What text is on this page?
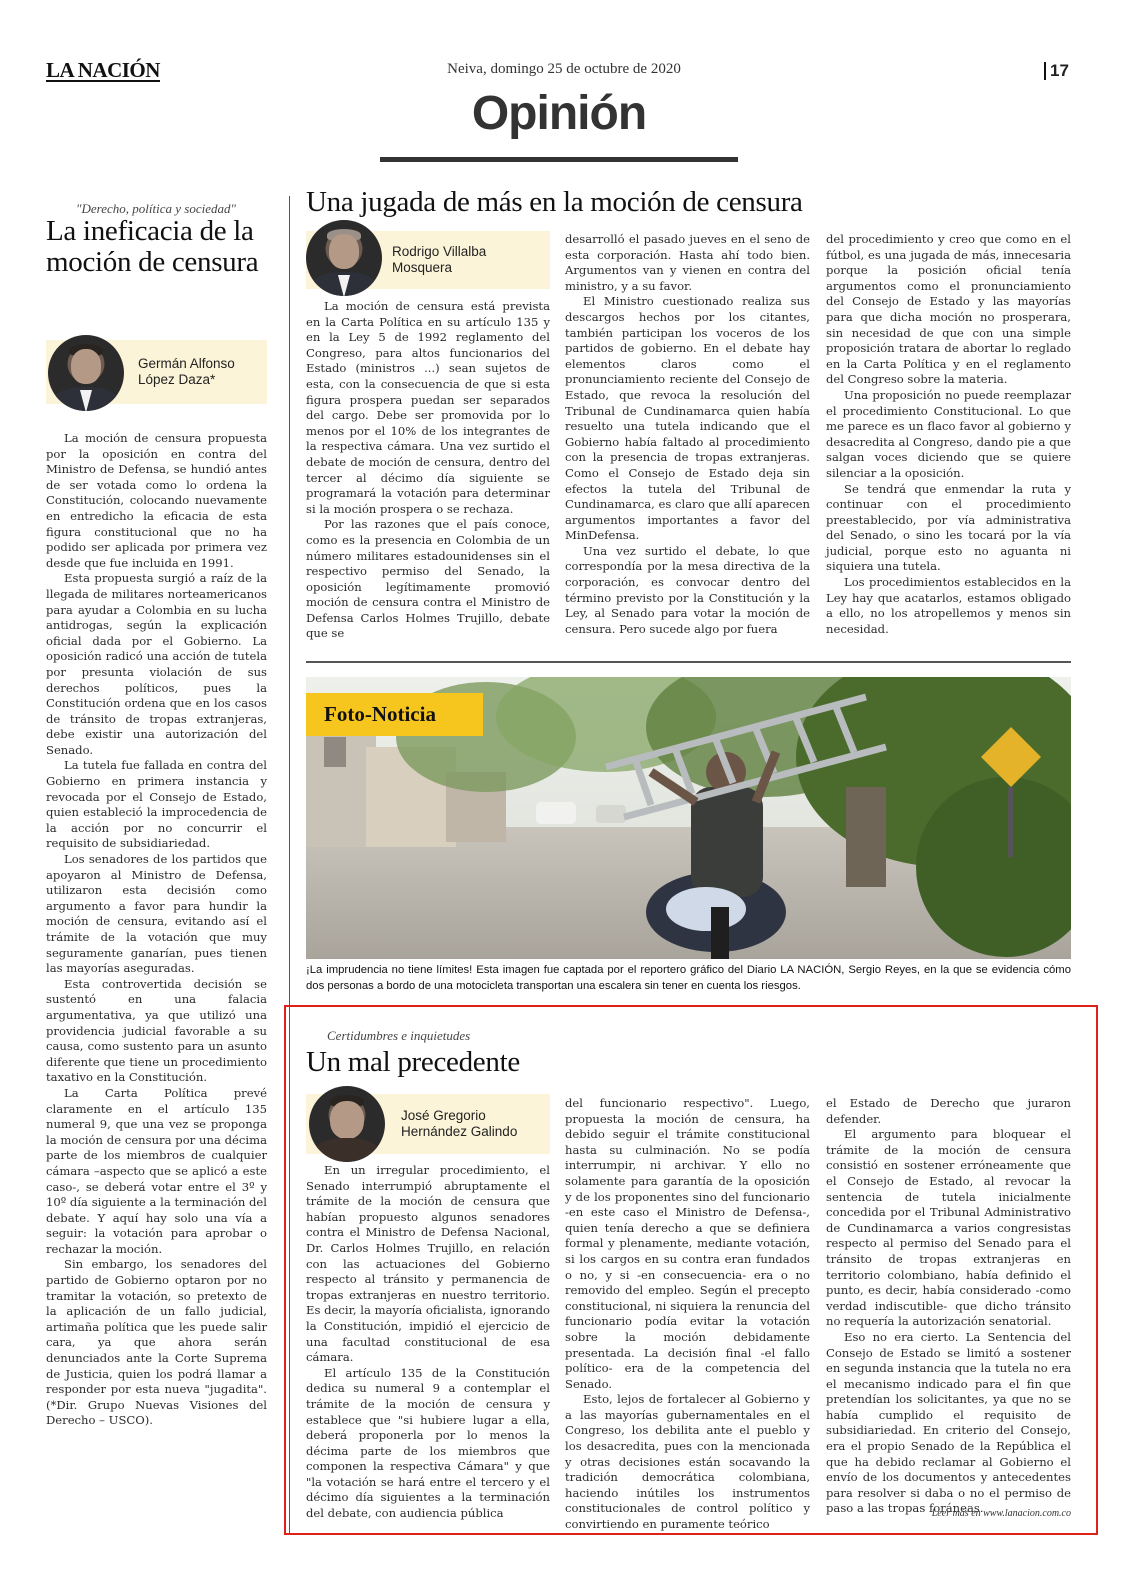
LA NACIÓN	Neiva, domingo 25 de octubre de 2020	17
Opinión
"Derecho, política y sociedad"
La ineficacia de la moción de censura
Germán Alfonso López Daza*

La moción de censura propuesta por la oposición en contra del Ministro de Defensa, se hundió antes de ser votada como lo ordena la Constitución, colocando nuevamente en entredicho la eficacia de esta figura constitucional que no ha podido ser aplicada por primera vez desde que fue incluida en 1991.

Esta propuesta surgió a raíz de la llegada de militares norteamericanos para ayudar a Colombia en su lucha antidrogas, según la explicación oficial dada por el Gobierno. La oposición radicó una acción de tutela por presunta violación de sus derechos políticos, pues la Constitución ordena que en los casos de tránsito de tropas extranjeras, debe existir una autorización del Senado.

La tutela fue fallada en contra del Gobierno en primera instancia y revocada por el Consejo de Estado, quien estableció la improcedencia de la acción por no concurrir el requisito de subsidiariedad.

Los senadores de los partidos que apoyaron al Ministro de Defensa, utilizaron esta decisión como argumento a favor para hundir la moción de censura, evitando así el trámite de la votación que muy seguramente ganarían, pues tienen las mayorías aseguradas.

Esta controvertida decisión se sustentó en una falacia argumentativa, ya que utilizó una providencia judicial favorable a su causa, como sustento para un asunto diferente que tiene un procedimiento taxativo en la Constitución.

La Carta Política prevé claramente en el artículo 135 numeral 9, que una vez se proponga la moción de censura por una décima parte de los miembros de cualquier cámara –aspecto que se aplicó a este caso-, se deberá votar entre el 3º y 10º día siguiente a la terminación del debate. Y aquí hay solo una vía a seguir: la votación para aprobar o rechazar la moción.

Sin embargo, los senadores del partido de Gobierno optaron por no tramitar la votación, so pretexto de la aplicación de un fallo judicial, artimaña política que les puede salir cara, ya que ahora serán denunciados ante la Corte Suprema de Justicia, quien los podrá llamar a responder por esta nueva "jugadita". (*Dir. Grupo Nuevas Visiones del Derecho – USCO).

Una jugada de más en la moción de censura
Rodrigo Villalba Mosquera

La moción de censura está prevista en la Carta Política en su artículo 135 y en la Ley 5 de 1992 reglamento del Congreso, para altos funcionarios del Estado (ministros ...) sean sujetos de esta, con la consecuencia de que si esta figura prospera puedan ser separados del cargo. Debe ser promovida por lo menos por el 10% de los integrantes de la respectiva cámara. Una vez surtido el debate de moción de censura, dentro del tercer al décimo día siguiente se programará la votación para determinar si la moción prospera o se rechaza.

Por las razones que el país conoce, como es la presencia en Colombia de un número militares estadounidenses sin el respectivo permiso del Senado, la oposición legítimamente promovió moción de censura contra el Ministro de Defensa Carlos Holmes Trujillo, debate que se

desarrolló el pasado jueves en el seno de esta corporación. Hasta ahí todo bien. Argumentos van y vienen en contra del ministro, y a su favor.

El Ministro cuestionado realiza sus descargos hechos por los citantes, también participan los voceros de los partidos de gobierno. En el debate hay elementos claros como el pronunciamiento reciente del Consejo de Estado, que revoca la resolución del Tribunal de Cundinamarca quien había resuelto una tutela indicando que el Gobierno había faltado al procedimiento con la presencia de tropas extranjeras. Como el Consejo de Estado deja sin efectos la tutela del Tribunal de Cundinamarca, es claro que allí aparecen argumentos importantes a favor del MinDefensa.

Una vez surtido el debate, lo que correspondía por la mesa directiva de la corporación, es convocar dentro del término previsto por la Constitución y la Ley, al Senado para votar la moción de censura. Pero sucede algo por fuera

del procedimiento y creo que como en el fútbol, es una jugada de más, innecesaria porque la posición oficial tenía argumentos como el pronunciamiento del Consejo de Estado y las mayorías para que dicha moción no prosperara, sin necesidad de que con una simple proposición tratara de abortar lo reglado en la Carta Política y en el reglamento del Congreso sobre la materia.

Una proposición no puede reemplazar el procedimiento Constitucional. Lo que me parece es un flaco favor al gobierno y desacredita al Congreso, dando pie a que salgan voces diciendo que se quiere silenciar a la oposición.

Se tendrá que enmendar la ruta y continuar con el procedimiento preestablecido, por vía administrativa del Senado, o sino les tocará por la vía judicial, porque esto no aguanta ni siquiera una tutela.

Los procedimientos establecidos en la Ley hay que acatarlos, estamos obligado a ello, no los atropellemos y menos sin necesidad.

Foto-Noticia
¡La imprudencia no tiene límites! Esta imagen fue captada por el reportero gráfico del Diario LA NACIÓN, Sergio Reyes, en la que se evidencia cómo dos personas a bordo de una motocicleta transportan una escalera sin tener en cuenta los riesgos.
Certidumbres e inquietudes
Un mal precedente
José Gregorio Hernández Galindo

En un irregular procedimiento, el Senado interrumpió abruptamente el trámite de la moción de censura que habían propuesto algunos senadores contra el Ministro de Defensa Nacional, Dr. Carlos Holmes Trujillo, en relación con las actuaciones del Gobierno respecto al tránsito y permanencia de tropas extranjeras en nuestro territorio. Es decir, la mayoría oficialista, ignorando la Constitución, impidió el ejercicio de una facultad constitucional de esa cámara.

El artículo 135 de la Constitución dedica su numeral 9 a contemplar el trámite de la moción de censura y establece que "si hubiere lugar a ella, deberá proponerla por lo menos la décima parte de los miembros que componen la respectiva Cámara" y que "la votación se hará entre el tercero y el décimo día siguientes a la terminación del debate, con audiencia pública

del funcionario respectivo". Luego, propuesta la moción de censura, ha debido seguir el trámite constitucional hasta su culminación. No se podía interrumpir, ni archivar. Y ello no solamente para garantía de la oposición y de los proponentes sino del funcionario -en este caso el Ministro de Defensa-, quien tenía derecho a que se definiera formal y plenamente, mediante votación, si los cargos en su contra eran fundados o no, y si -en consecuencia- era o no removido del empleo. Según el precepto constitucional, ni siquiera la renuncia del funcionario podía evitar la votación sobre la moción debidamente presentada. La decisión final -el fallo político- era de la competencia del Senado.

Esto, lejos de fortalecer al Gobierno y a las mayorías gubernamentales en el Congreso, los debilita ante el pueblo y los desacredita, pues con la mencionada y otras decisiones están socavando la tradición democrática colombiana, haciendo inútiles los instrumentos constitucionales de control político y convirtiendo en puramente teórico

el Estado de Derecho que juraron defender.

El argumento para bloquear el trámite de la moción de censura consistió en sostener erróneamente que el Consejo de Estado, al revocar la sentencia de tutela inicialmente concedida por el Tribunal Administrativo de Cundinamarca a varios congresistas respecto al permiso del Senado para el tránsito de tropas extranjeras en territorio colombiano, había definido el punto, es decir, había considerado -como verdad indiscutible- que dicho tránsito no requería la autorización senatorial.

Eso no era cierto. La Sentencia del Consejo de Estado se limitó a sostener en segunda instancia que la tutela no era el mecanismo indicado para el fin que pretendían los solicitantes, ya que no se había cumplido el requisito de subsidiariedad. En criterio del Consejo, era el propio Senado de la República el que ha debido reclamar al Gobierno el envío de los documentos y antecedentes para resolver si daba o no el permiso de paso a las tropas foráneas.

Leer más en www.lanacion.com.co
